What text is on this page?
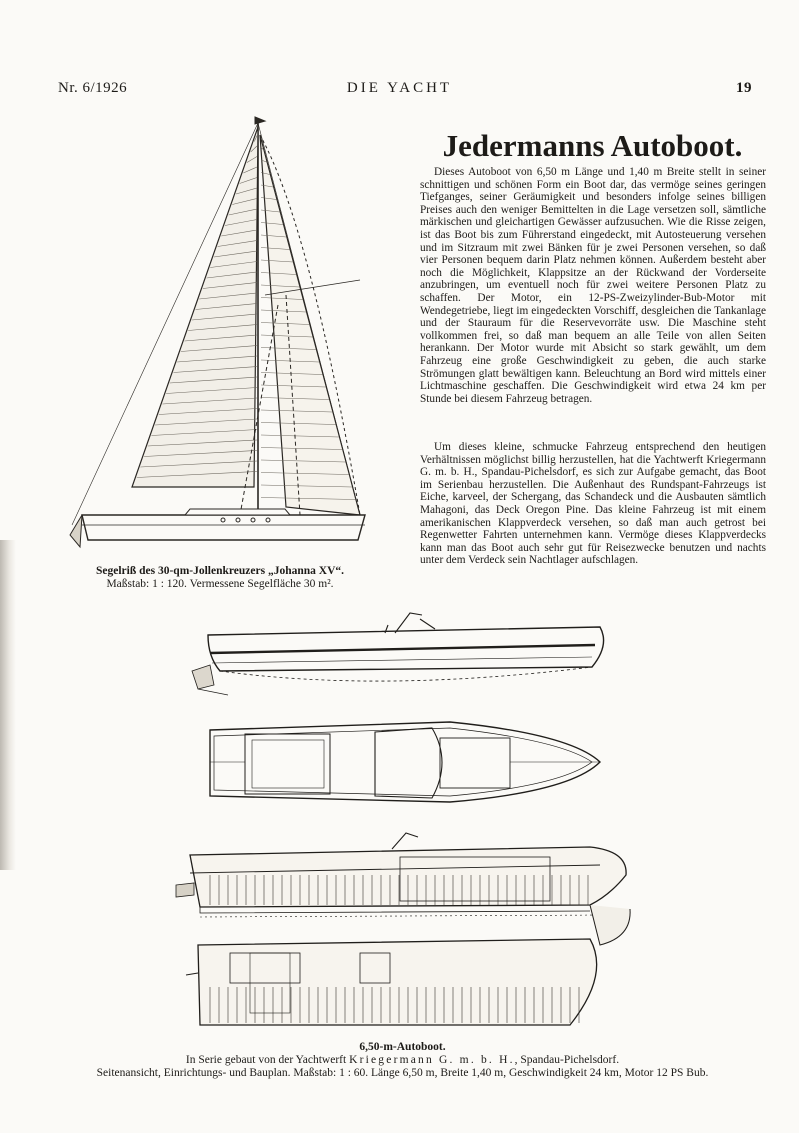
Nr. 6/1926	DIE YACHT	19
Jedermanns Autoboot.

Dieses Autoboot von 6,50 m Länge und 1,40 m Breite stellt in seiner schnittigen und schönen Form ein Boot dar, das vermöge seines geringen Tiefganges, seiner Geräumigkeit und besonders infolge seines billigen Preises auch den weniger Bemittelten in die Lage versetzen soll, sämtliche märkischen und gleichartigen Gewässer aufzusuchen. Wie die Risse zeigen, ist das Boot bis zum Führerstand eingedeckt, mit Autosteuerung versehen und im Sitzraum mit zwei Bänken für je zwei Personen versehen, so daß vier Personen bequem darin Platz nehmen können. Außerdem besteht aber noch die Möglichkeit, Klappsitze an der Rückwand der Vorderseite anzubringen, um eventuell noch für zwei weitere Personen Platz zu schaffen. Der Motor, ein 12-PS-Zweizylinder-Bub-Motor mit Wendegetriebe, liegt im eingedeckten Vorschiff, desgleichen die Tankanlage und der Stauraum für die Reservevorräte usw. Die Maschine steht vollkommen frei, so daß man bequem an alle Teile von allen Seiten herankann. Der Motor wurde mit Absicht so stark gewählt, um dem Fahrzeug eine große Geschwindigkeit zu geben, die auch starke Strömungen glatt bewältigen kann. Beleuchtung an Bord wird mittels einer Lichtmaschine geschaffen. Die Geschwindigkeit wird etwa 24 km per Stunde bei diesem Fahrzeug betragen.

Um dieses kleine, schmucke Fahrzeug entsprechend den heutigen Verhältnissen möglichst billig herzustellen, hat die Yachtwerft Kriegermann G. m. b. H., Spandau-Pichelsdorf, es sich zur Aufgabe gemacht, das Boot im Serienbau herzustellen. Die Außenhaut des Rundspant-Fahrzeugs ist Eiche, karveel, der Schergang, das Schandeck und die Ausbauten sämtlich Mahagoni, das Deck Oregon Pine. Das kleine Fahrzeug ist mit einem amerikanischen Klappverdeck versehen, so daß man auch getrost bei Regenwetter Fahrten unternehmen kann. Vermöge dieses Klappverdecks kann man das Boot auch sehr gut für Reisezwecke benutzen und nachts unter dem Verdeck sein Nachtlager aufschlagen.

Segelriß des 30-qm-Jollenkreuzers „Johanna XV“.
Maßstab: 1 : 120. Vermessene Segelfläche 30 m².
6,50-m-Autoboot.
In Serie gebaut von der Yachtwerft Kriegermann G. m. b. H., Spandau-Pichelsdorf.
Seitenansicht, Einrichtungs- und Bauplan. Maßstab: 1 : 60. Länge 6,50 m, Breite 1,40 m, Geschwindigkeit 24 km, Motor 12 PS Bub.
